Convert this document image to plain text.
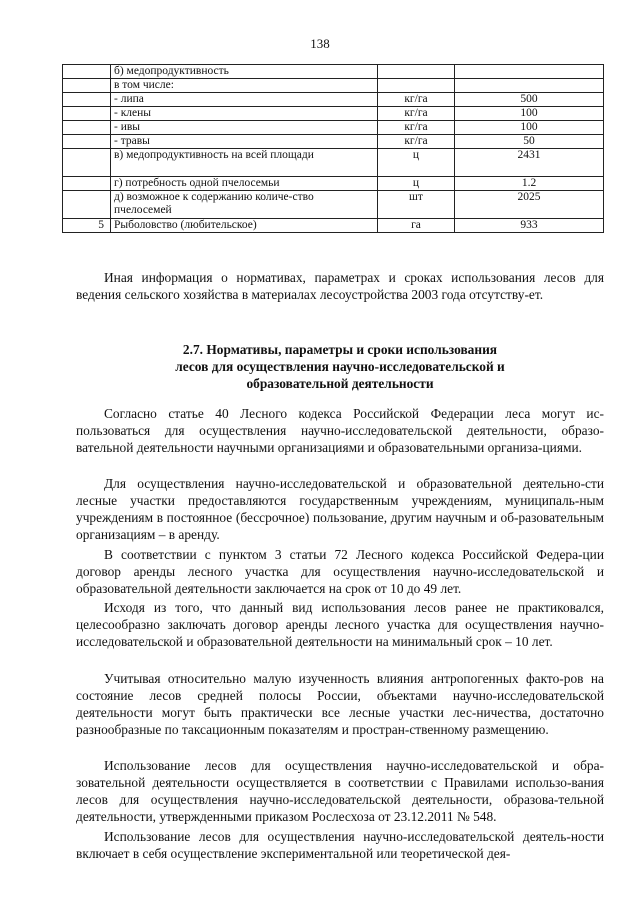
138
	б) медопродуктивность		
	в том числе:		
	- липа	кг/га	500
	- клены	кг/га	100
	- ивы	кг/га	100
	- травы	кг/га	50
	в) медопродуктивность на всей площади	ц	2431
	г) потребность одной пчелосемьи	ц	1.2
	д) возможное к содержанию количе-ство пчелосемей	шт	2025
5	Рыболовство (любительское)	га	933

Иная информация о нормативах, параметрах и сроках использования лесов для ведения сельского хозяйства в материалах лесоустройства 2003 года отсутству-ет.

2.7. Нормативы, параметры и сроки использования
лесов для осуществления научно-исследовательской и
образовательной деятельности

Согласно статье 40 Лесного кодекса Российской Федерации леса могут ис-пользоваться для осуществления научно-исследовательской деятельности, образо-вательной деятельности научными организациями и образовательными организа-циями.

Для осуществления научно-исследовательской и образовательной деятельно-сти лесные участки предоставляются государственным учреждениям, муниципаль-ным учреждениям в постоянное (бессрочное) пользование, другим научным и об-разовательным организациям – в аренду.

В соответствии с пунктом 3 статьи 72 Лесного кодекса Российской Федера-ции договор аренды лесного участка для осуществления научно-исследовательской и образовательной деятельности заключается на срок от 10 до 49 лет.

Исходя из того, что данный вид использования лесов ранее не практиковался, целесообразно заключать договор аренды лесного участка для осуществления научно-исследовательской и образовательной деятельности на минимальный срок – 10 лет.

Учитывая относительно малую изученность влияния антропогенных факто-ров на состояние лесов средней полосы России, объектами научно-исследовательской деятельности могут быть практически все лесные участки лес-ничества, достаточно разнообразные по таксационным показателям и простран-ственному размещению.

Использование лесов для осуществления научно-исследовательской и обра-зовательной деятельности осуществляется в соответствии с Правилами использо-вания лесов для осуществления научно-исследовательской деятельности, образова-тельной деятельности, утвержденными приказом Рослесхоза от 23.12.2011 № 548.

Использование лесов для осуществления научно-исследовательской деятель-ности включает в себя осуществление экспериментальной или теоретической дея-
